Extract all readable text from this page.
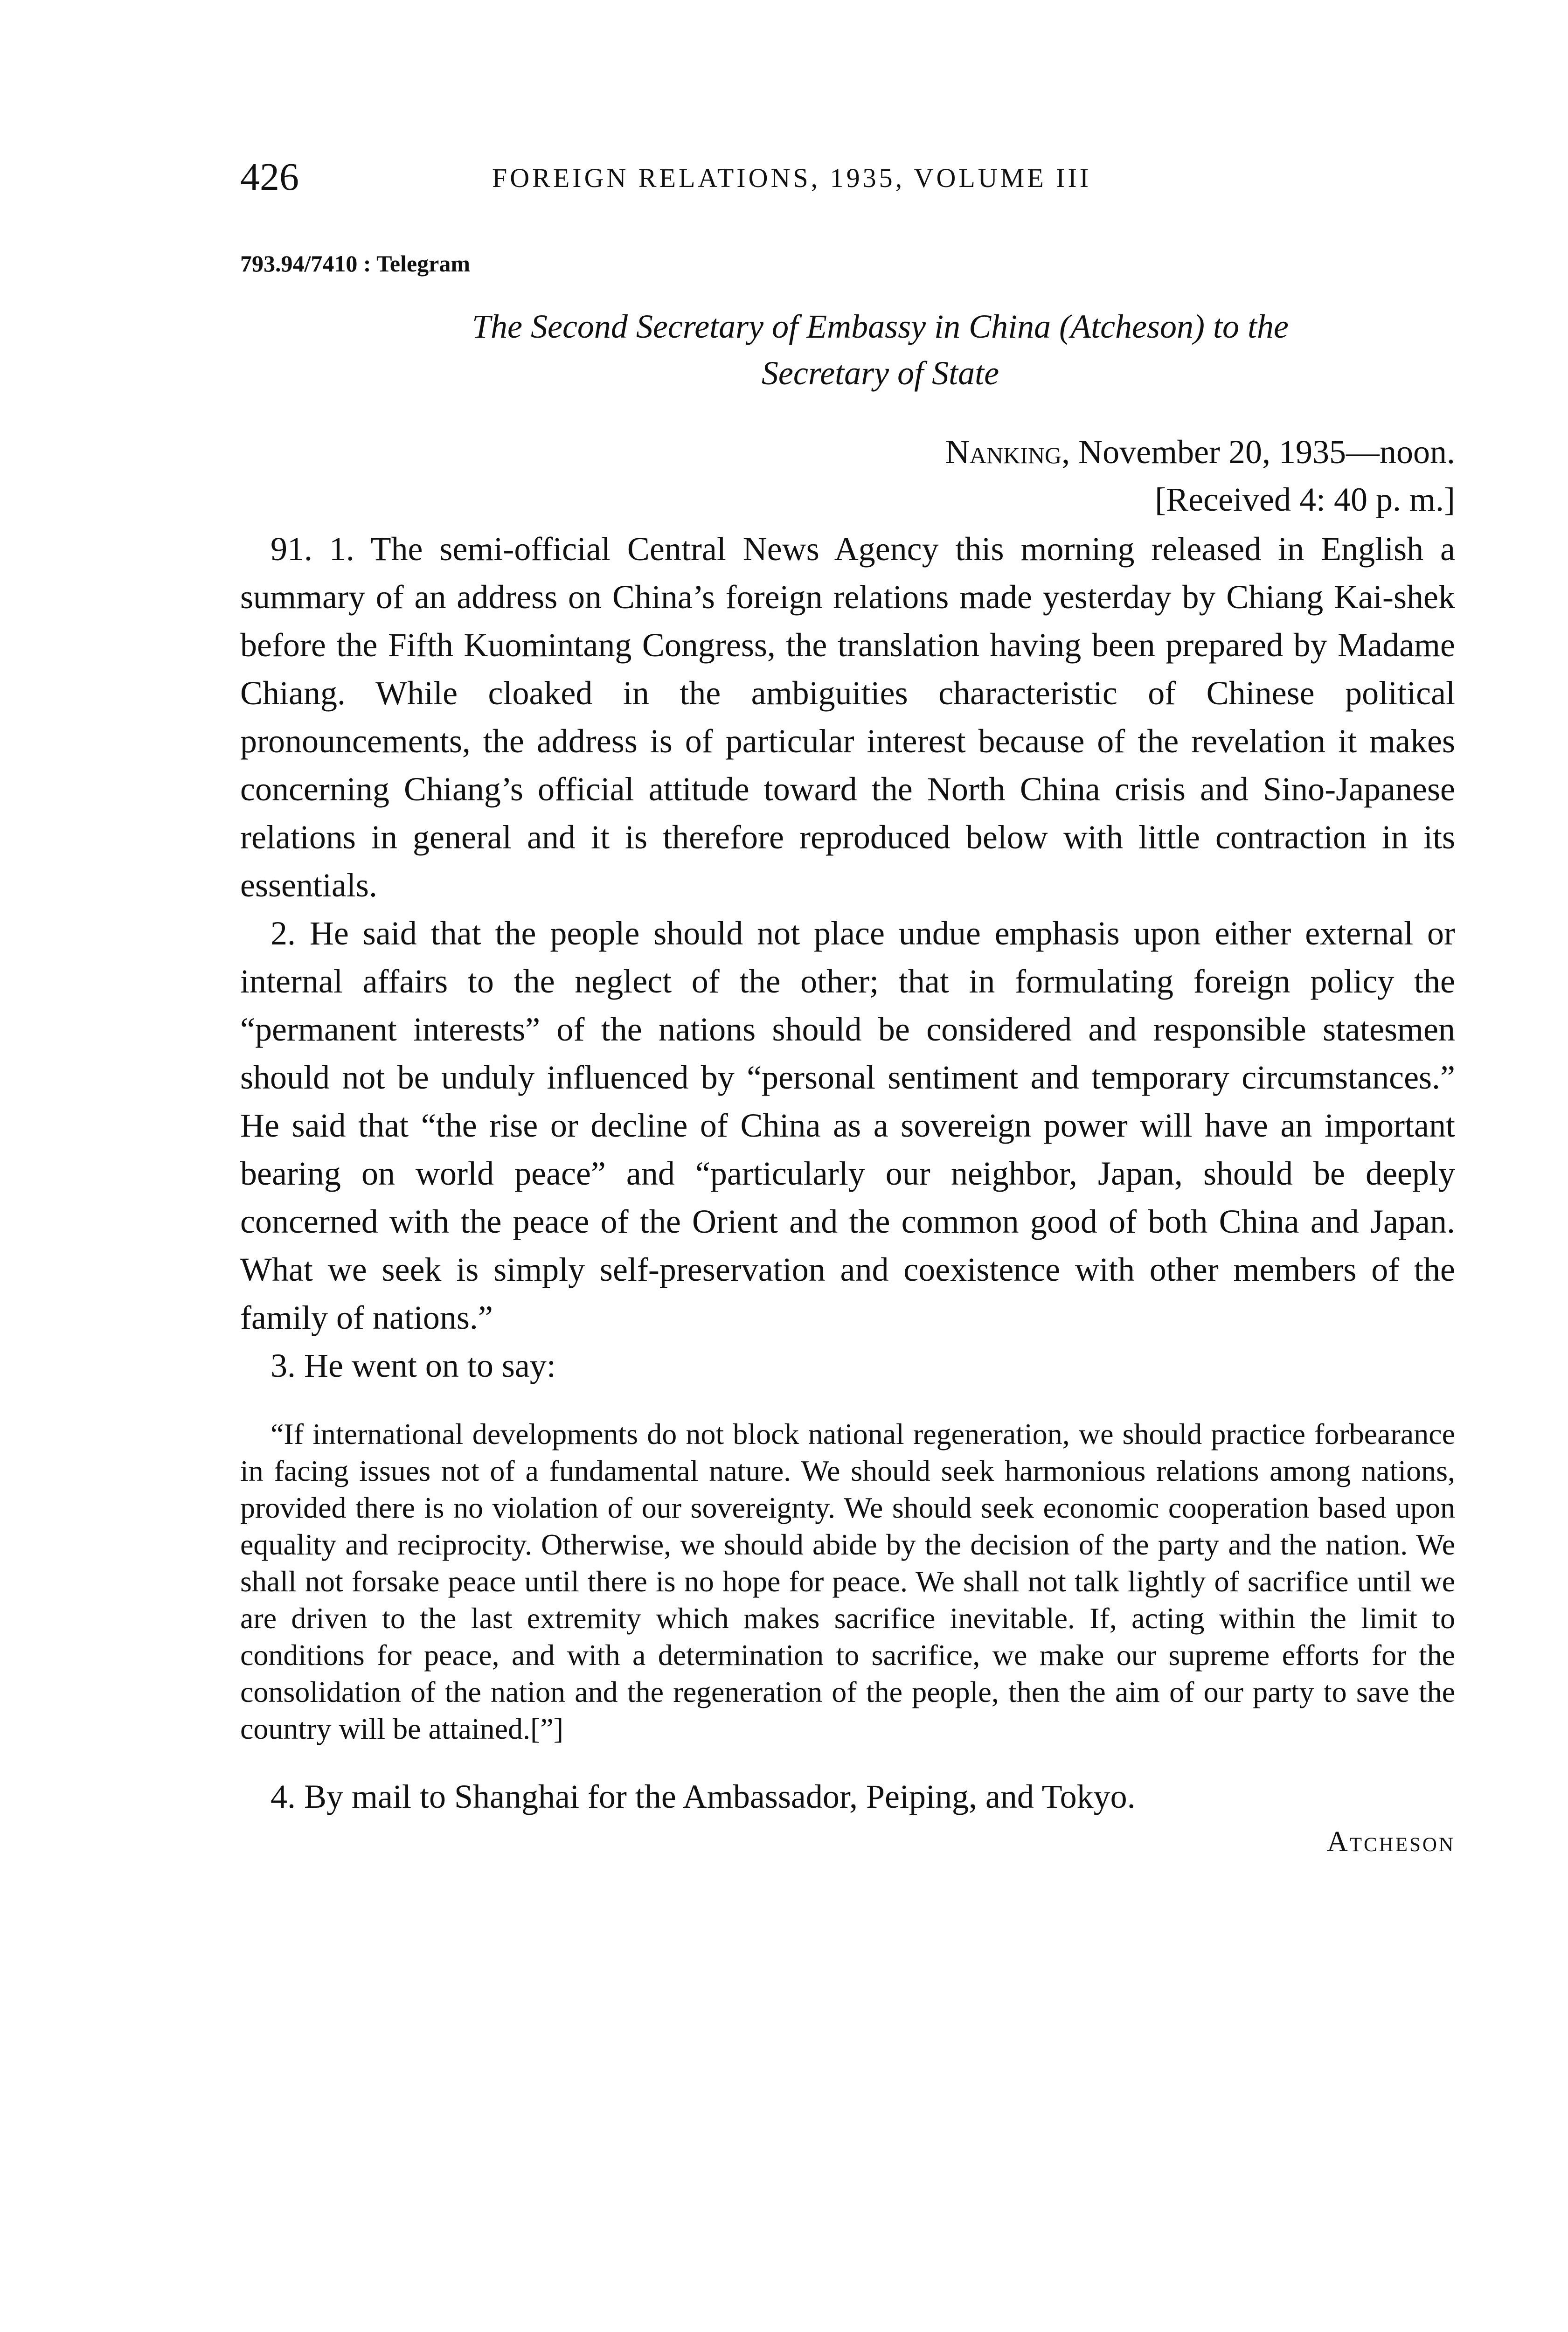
426	FOREIGN RELATIONS, 1935, VOLUME III
793.94/7410 : Telegram
The Second Secretary of Embassy in China (Atcheson) to the
Secretary of State
Nanking, November 20, 1935—noon.
[Received 4: 40 p. m.]

91. 1. The semi-official Central News Agency this morning released in English a summary of an address on China’s foreign relations made yesterday by Chiang Kai-shek before the Fifth Kuomintang Congress, the translation having been prepared by Madame Chiang. While cloaked in the ambiguities characteristic of Chinese political pronouncements, the address is of particular interest because of the revelation it makes concerning Chiang’s official attitude toward the North China crisis and Sino-Japanese relations in general and it is therefore reproduced below with little contraction in its essentials.

2. He said that the people should not place undue emphasis upon either external or internal affairs to the neglect of the other; that in formulating foreign policy the “permanent interests” of the nations should be considered and responsible statesmen should not be unduly influenced by “personal sentiment and temporary circumstances.” He said that “the rise or decline of China as a sovereign power will have an important bearing on world peace” and “particularly our neighbor, Japan, should be deeply concerned with the peace of the Orient and the common good of both China and Japan. What we seek is simply self-preservation and coexistence with other members of the family of nations.”

3. He went on to say:

“If international developments do not block national regeneration, we should practice forbearance in facing issues not of a fundamental nature. We should seek harmonious relations among nations, provided there is no violation of our sovereignty. We should seek economic cooperation based upon equality and reciprocity. Otherwise, we should abide by the decision of the party and the nation. We shall not forsake peace until there is no hope for peace. We shall not talk lightly of sacrifice until we are driven to the last extremity which makes sacrifice inevitable. If, acting within the limit to conditions for peace, and with a determination to sacrifice, we make our supreme efforts for the consolidation of the nation and the regeneration of the people, then the aim of our party to save the country will be attained.[”]

4. By mail to Shanghai for the Ambassador, Peiping, and Tokyo.

Atcheson
